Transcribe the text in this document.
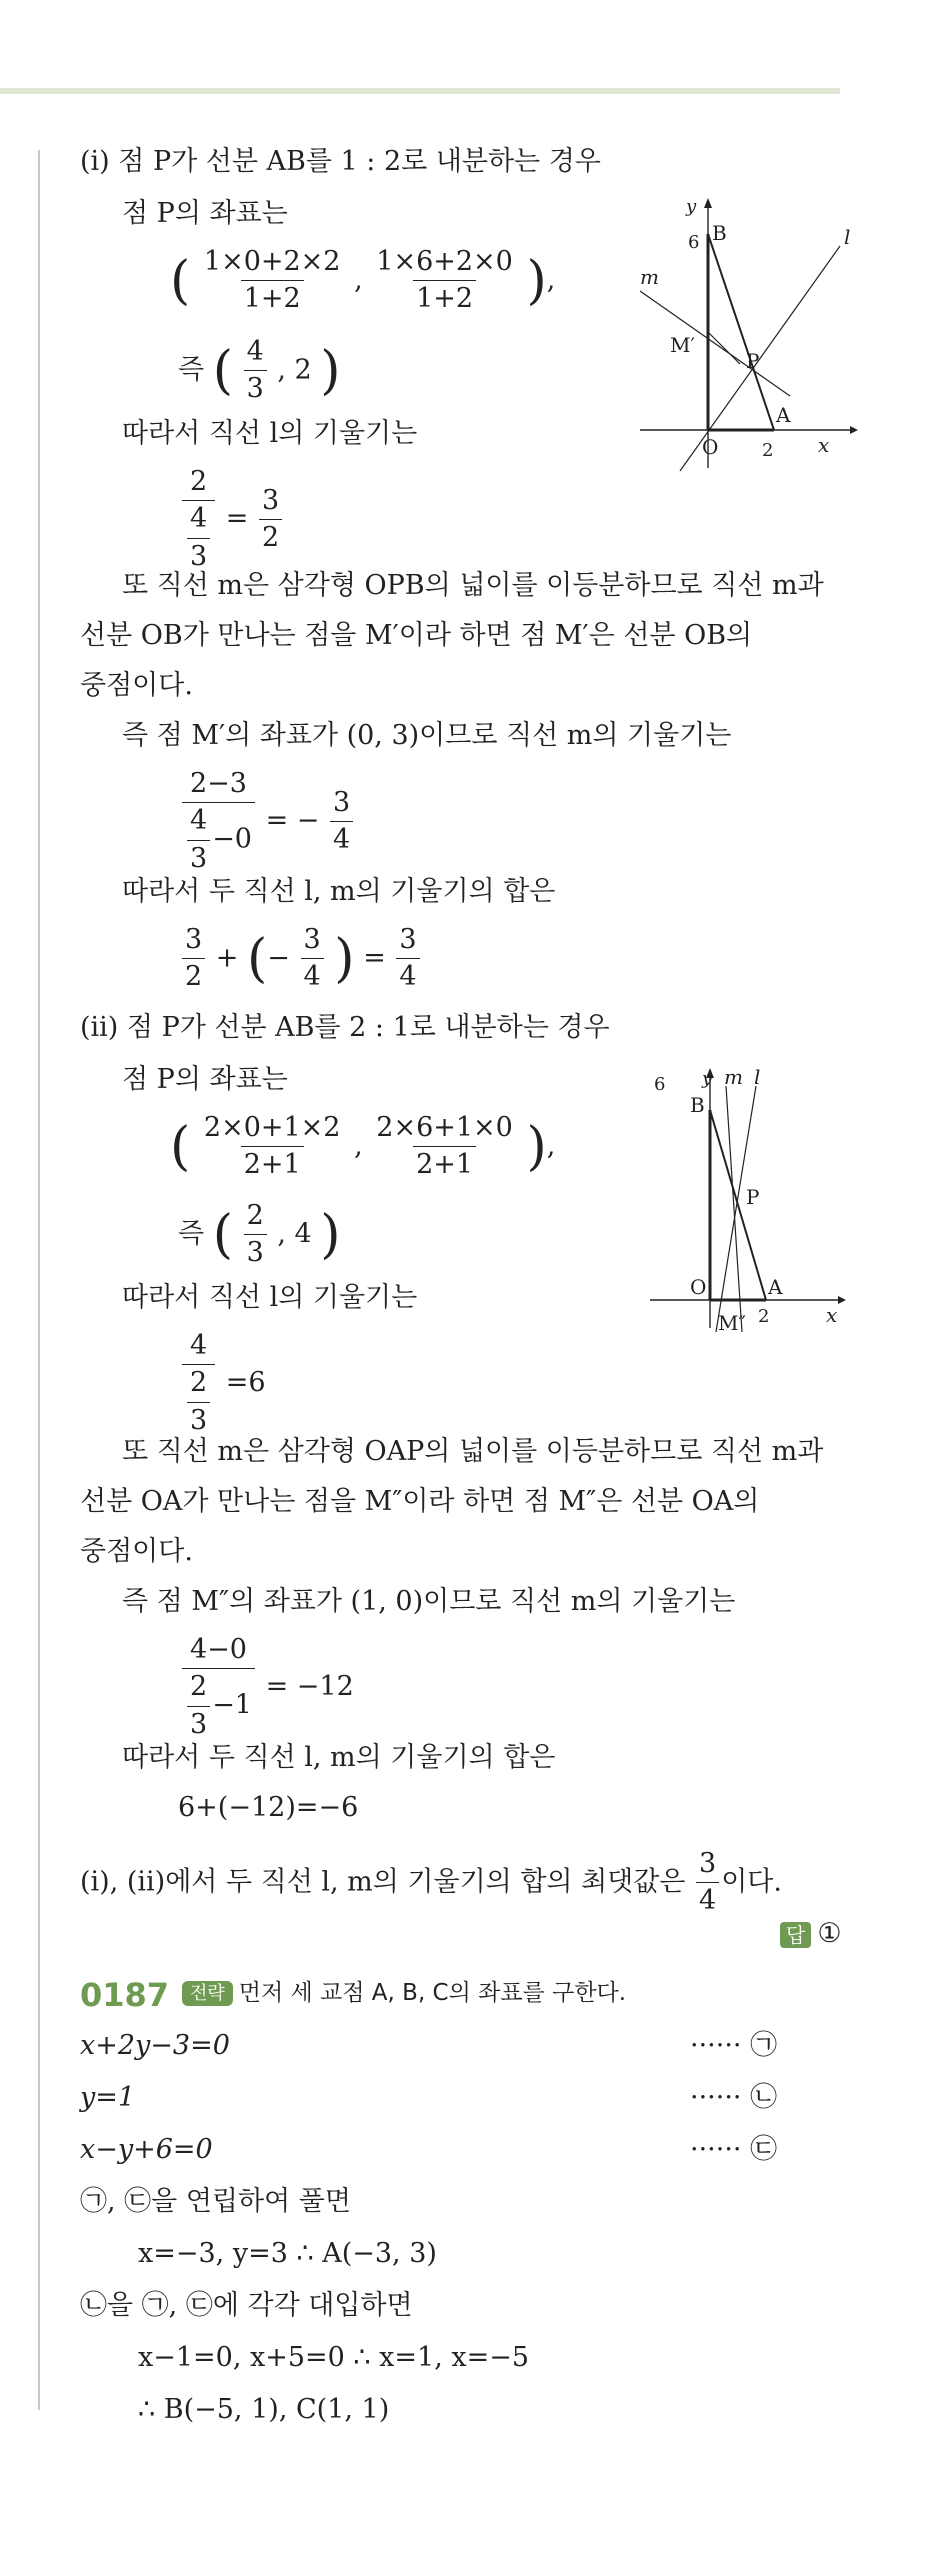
(ⅰ) 점 P가 선분 AB를 1 : 2로 내분하는 경우
점 P의 좌표는
( $\frac{1\times 0+2\times 2}{1+2}$ , $\frac{1\times 6+2\times 0}{1+2}$ ),
즉 ( $\frac{4}{3}$ , 2 )
따라서 직선 l의 기울기는
$\frac{2}{\frac{4}{3}} = \frac{3}{2}$
또 직선 m은 삼각형 OPB의 넓이를 이등분하므로 직선 m과
선분 OB가 만나는 점을 M′이라 하면 점 M′은 선분 OB의
중점이다.
즉 점 M′의 좌표가 (0, 3)이므로 직선 m의 기울기는
$\frac{2-3}{\frac{4}{3} -0}$ = − $\frac{3}{4}$
따라서 두 직선 l, m의 기울기의 합은
$\frac{3}{2}$ + (− $\frac{3}{4}$ ) = $\frac{3}{4}$
y
B
6	l
m
M′
P
A
O 2 x
(ⅱ) 점 P가 선분 AB를 2 : 1로 내분하는 경우
점 P의 좌표는
( $\frac{2\times 0+1\times 2}{2+1}$ , $\frac{2\times 6+1\times 0}{2+1}$ ),
즉 ( $\frac{2}{3}$ , 4 )
따라서 직선 l의 기울기는
$\frac{4}{\frac{2}{3}} =6$
또 직선 m은 삼각형 OAP의 넓이를 이등분하므로 직선 m과
선분 OA가 만나는 점을 M″이라 하면 점 M″은 선분 OA의
중점이다.
즉 점 M″의 좌표가 (1, 0)이므로 직선 m의 기울기는
$\frac{4-0}{\frac{2}{3} -1} = -12$
따라서 두 직선 l, m의 기울기의 합은
6+(−12)=−6
6 y m l
B
P
O	A
2	x
M″
(ⅰ), (ⅱ)에서 두 직선 l, m의 기울기의 합의 최댓값은 $\frac{3}{4}$ 이다.
답 ①
0187	전략 먼저 세 교점 A, B, C의 좌표를 구한다.
x+2y−3=0	······ ㉠
y=1	······ ㉡
x−y+6=0	······ ㉢
㉠, ㉢을 연립하여 풀면
x=−3, y=3 ∴ A(−3, 3)
㉡을 ㉠, ㉢에 각각 대입하면
x−1=0, x+5=0 ∴ x=1, x=−5
∴ B(−5, 1), C(1, 1)
